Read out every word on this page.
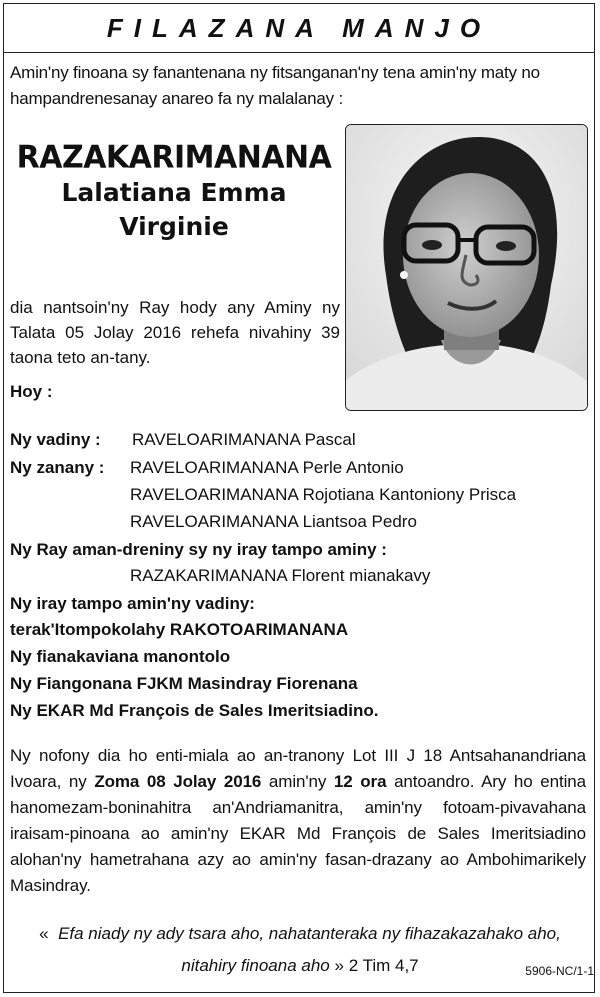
FILAZANA MANJO
Amin'ny finoana sy fanantenana ny fitsanganan'ny tena amin'ny maty no hampandrenesanay anareo fa ny malalanay :
RAZAKARIMANANA
Lalatiana Emma
Virginie
dia nantsoin'ny Ray hody any Aminy ny Talata 05 Jolay 2016 rehefa nivahiny 39 taona teto an-tany.
Hoy :
Ny vadiny : RAVELOARIMANANA Pascal
Ny zanany : RAVELOARIMANANA Perle Antonio
RAVELOARIMANANA Rojotiana Kantoniony Prisca
RAVELOARIMANANA Liantsoa Pedro
Ny Ray aman-dreniny sy ny iray tampo aminy :
RAZAKARIMANANA Florent mianakavy
Ny iray tampo amin'ny vadiny:
terak'Itompokolahy RAKOTOARIMANANA
Ny fianakaviana manontolo
Ny Fiangonana FJKM Masindray Fiorenana
Ny EKAR Md François de Sales Imeritsiadino.
Ny nofony dia ho enti-miala ao an-tranony Lot III J 18 Antsahanandriana Ivoara, ny Zoma 08 Jolay 2016 amin'ny 12 ora antoandro. Ary ho entina hanomezam-boninahitra an'Andriamanitra, amin'ny fotoam-pivavahana iraisam-pinoana ao amin'ny EKAR Md François de Sales Imeritsiadino alohan'ny hametrahana azy ao amin'ny fasan-drazany ao Ambohimarikely Masindray.
« Efa niady ny ady tsara aho, nahatanteraka ny fihazakazahako aho,
nitahiry finoana aho » 2 Tim 4,7	5906-NC/1-1
